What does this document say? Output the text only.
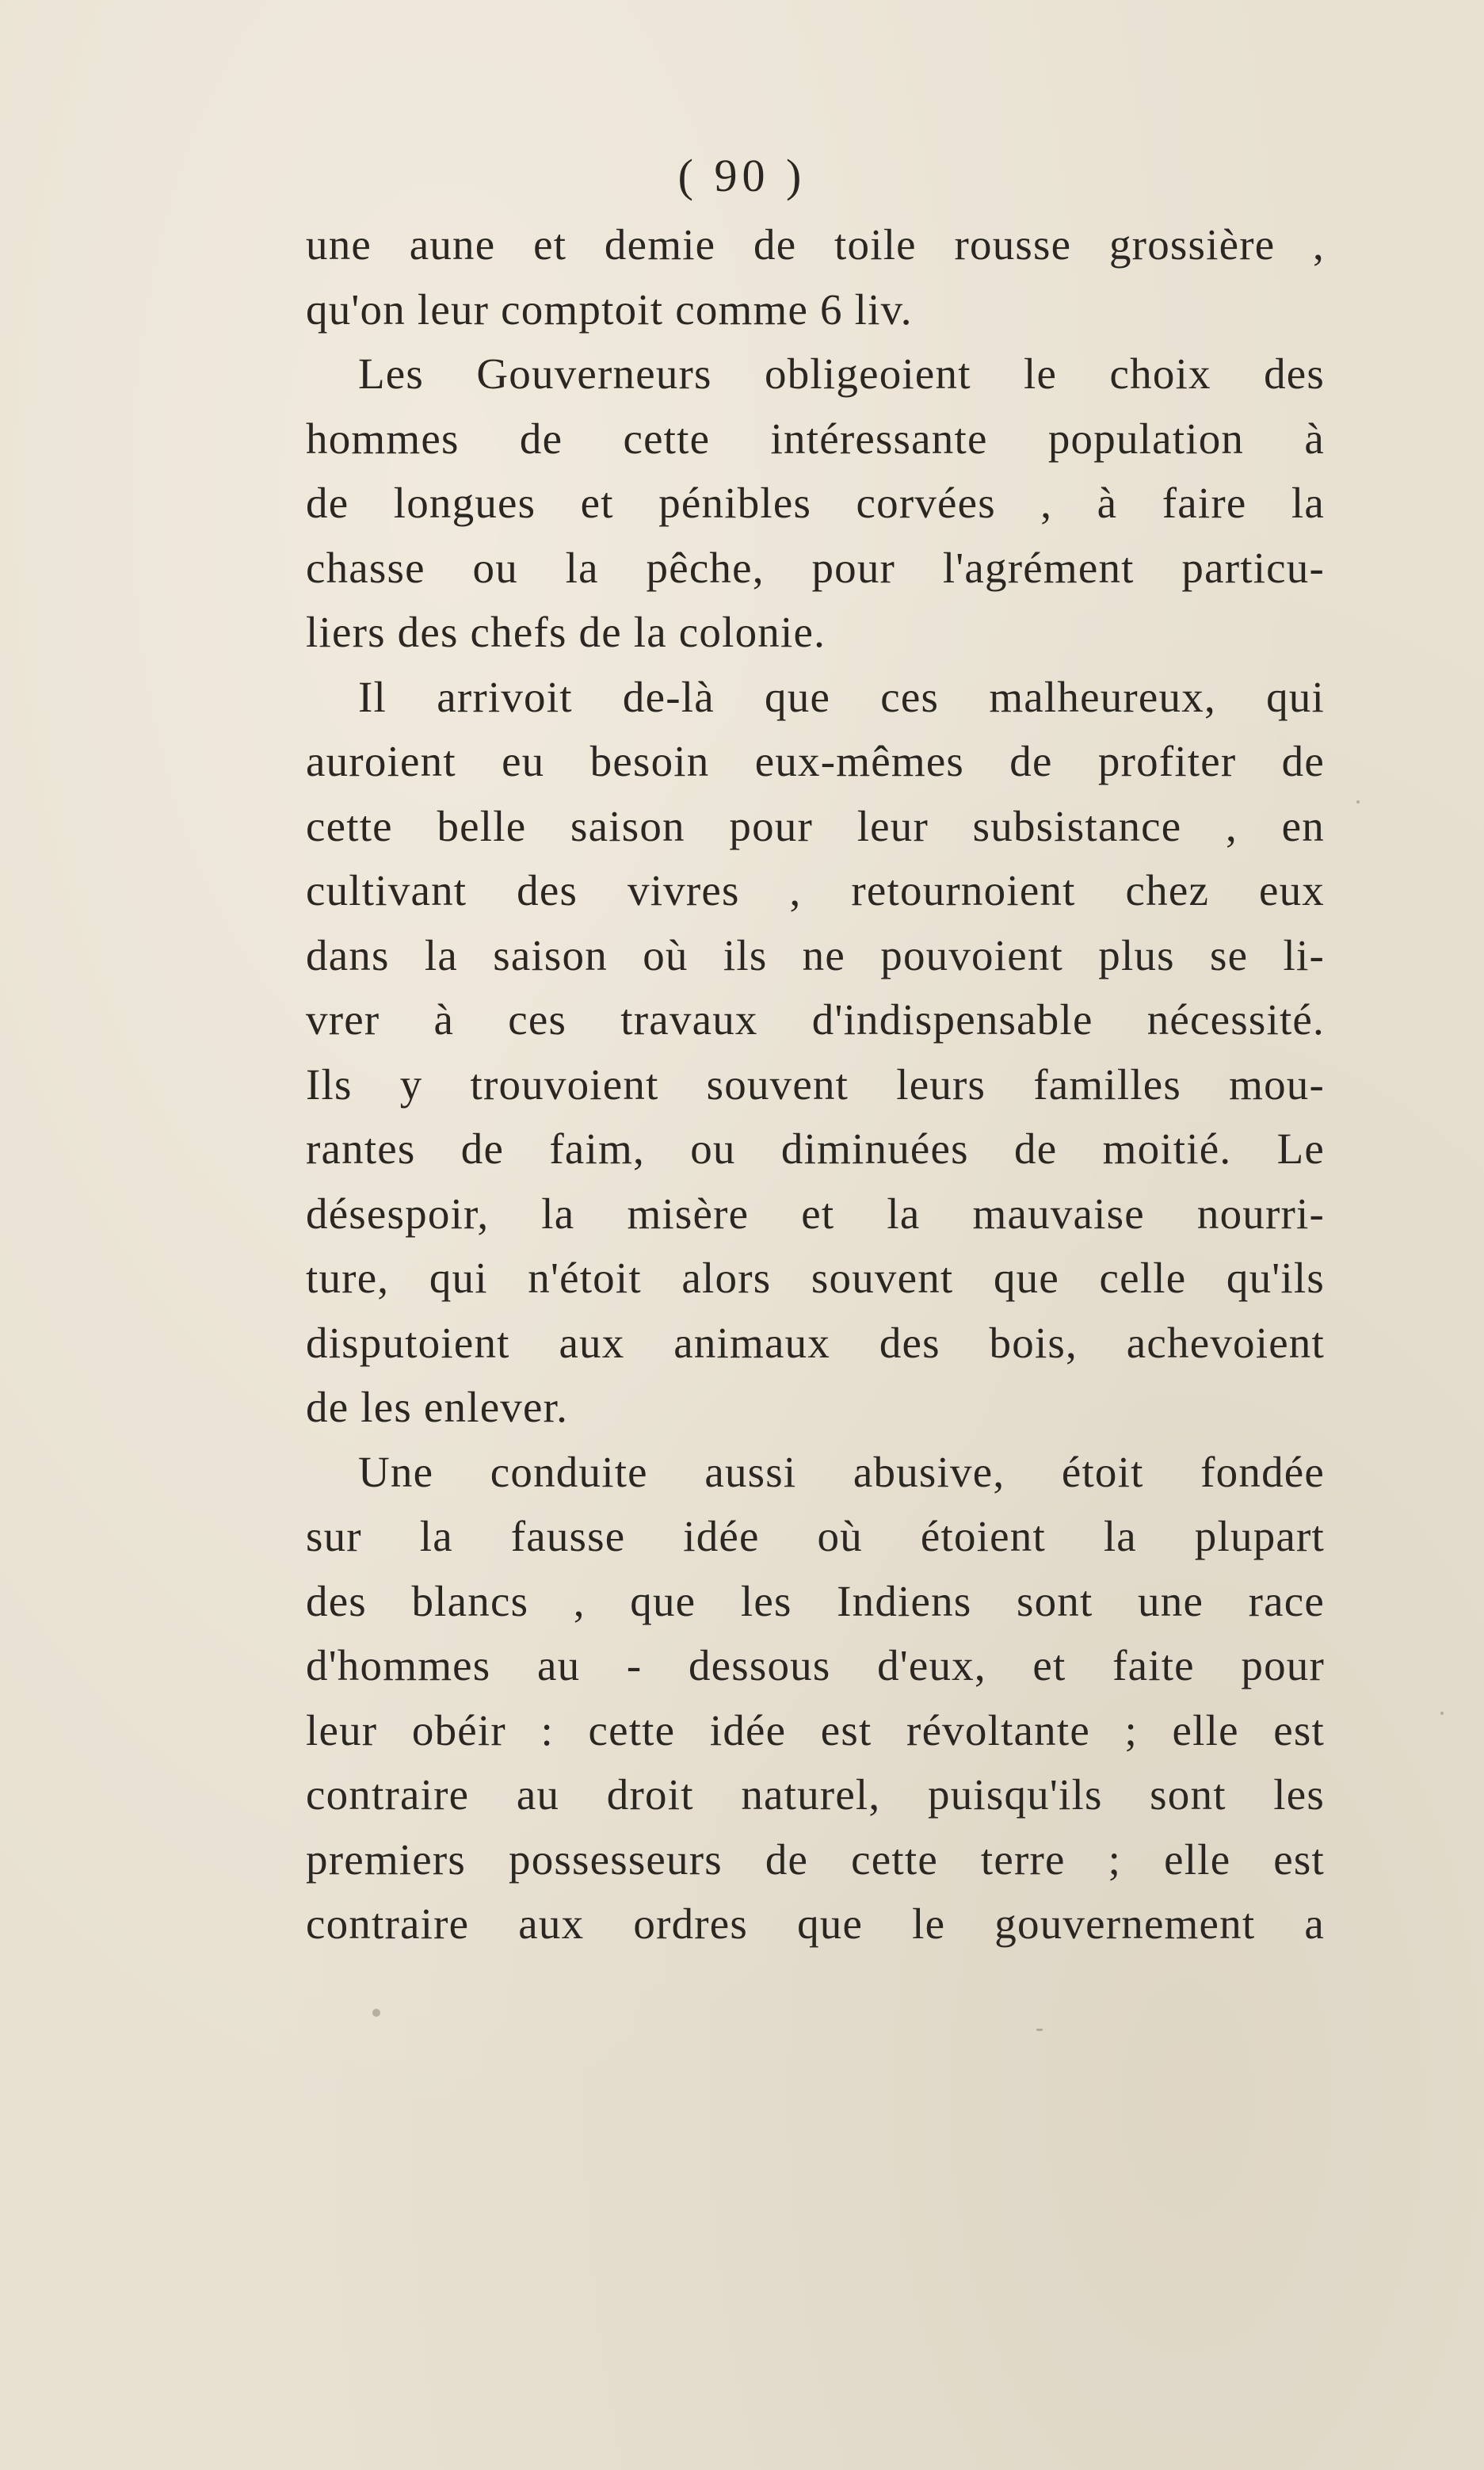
( 90 )
une aune et demie de toile rousse grossière ,
qu'on leur comptoit comme 6 liv.
Les Gouverneurs obligeoient le choix des
hommes de cette intéressante population à
de longues et pénibles corvées , à faire la
chasse ou la pêche, pour l'agrément particu-
liers des chefs de la colonie.
Il arrivoit de-là que ces malheureux, qui
auroient eu besoin eux-mêmes de profiter de
cette belle saison pour leur subsistance , en
cultivant des vivres , retournoient chez eux
dans la saison où ils ne pouvoient plus se li-
vrer à ces travaux d'indispensable nécessité.
Ils y trouvoient souvent leurs familles mou-
rantes de faim, ou diminuées de moitié. Le
désespoir, la misère et la mauvaise nourri-
ture, qui n'étoit alors souvent que celle qu'ils
disputoient aux animaux des bois, achevoient
de les enlever.
Une conduite aussi abusive, étoit fondée
sur la fausse idée où étoient la plupart
des blancs , que les Indiens sont une race
d'hommes au - dessous d'eux, et faite pour
leur obéir : cette idée est révoltante ; elle est
contraire au droit naturel, puisqu'ils sont les
premiers possesseurs de cette terre ; elle est
contraire aux ordres que le gouvernement a
